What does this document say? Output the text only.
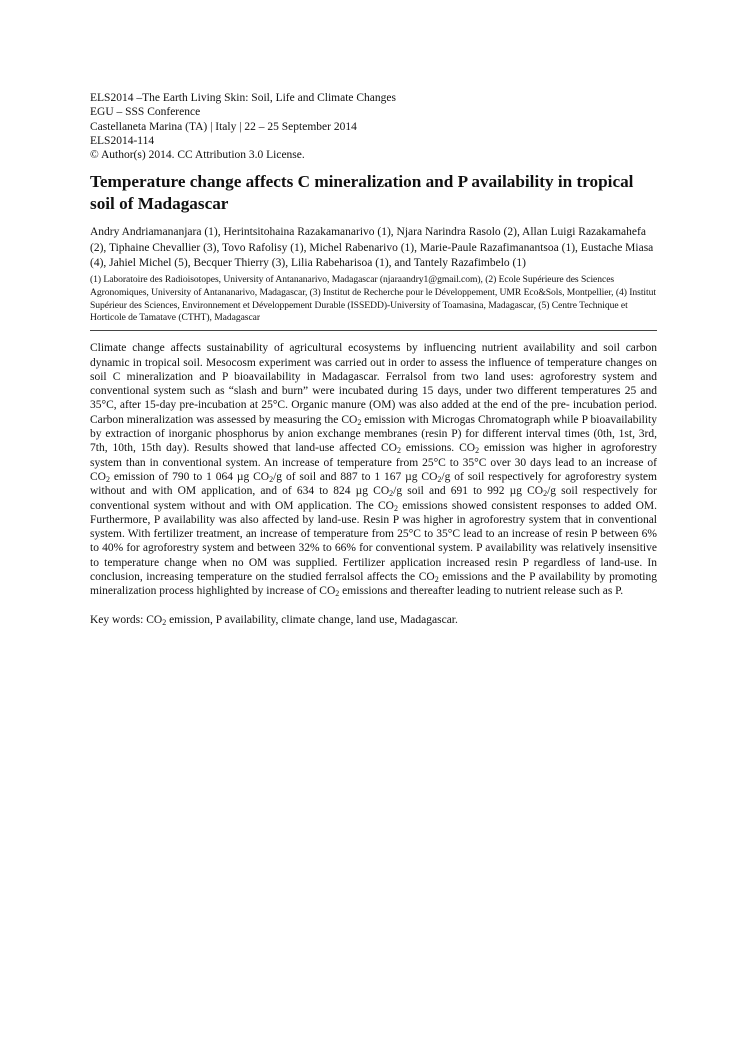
ELS2014 –The Earth Living Skin: Soil, Life and Climate Changes
EGU – SSS Conference
Castellaneta Marina (TA) | Italy | 22 – 25 September 2014
ELS2014-114
© Author(s) 2014. CC Attribution 3.0 License.
Temperature change affects C mineralization and P availability in tropical soil of Madagascar

Andry Andriamananjara (1), Herintsitohaina Razakamanarivo (1), Njara Narindra Rasolo (2), Allan Luigi Razakamahefa (2), Tiphaine Chevallier (3), Tovo Rafolisy (1), Michel Rabenarivo (1), Marie-Paule Razafimanantsoa (1), Eustache Miasa (4), Jahiel Michel (5), Becquer Thierry (3), Lilia Rabeharisoa (1), and Tantely Razafimbelo (1)

(1) Laboratoire des Radioisotopes, University of Antananarivo, Madagascar (njaraandry1@gmail.com), (2) Ecole Supérieure des Sciences Agronomiques, University of Antananarivo, Madagascar, (3) Institut de Recherche pour le Développement, UMR Eco&Sols, Montpellier, (4) Institut Supérieur des Sciences, Environnement et Développement Durable (ISSEDD)-University of Toamasina, Madagascar, (5) Centre Technique et Horticole de Tamatave (CTHT), Madagascar

Climate change affects sustainability of agricultural ecosystems by influencing nutrient availability and soil carbon dynamic in tropical soil. Mesocosm experiment was carried out in order to assess the influence of temperature changes on soil C mineralization and P bioavailability in Madagascar. Ferralsol from two land uses: agroforestry system and conventional system such as “slash and burn” were incubated during 15 days, under two different temperatures 25 and 35°C, after 15-day pre-incubation at 25°C. Organic manure (OM) was also added at the end of the pre- incubation period. Carbon mineralization was assessed by measuring the $CO_2$ emission with Microgas Chromatograph while P bioavailability by extraction of inorganic phosphorus by anion exchange membranes (resin P) for different interval times (0th, 1st, 3rd, 7th, 10th, 15th day). Results showed that land-use affected $CO_2$ emissions. $CO_2$ emission was higher in agroforestry system than in conventional system. An increase of temperature from 25°C to 35°C over 30 days lead to an increase of $CO_2$ emission of 790 to 1 064 µg $CO_2/g$ of soil and 887 to 1 167 µg $CO_2/g$ of soil respectively for agroforestry system without and with OM application, and of 634 to 824 µg $CO_2/g$ soil and 691 to 992 µg $CO_2/g$ soil respectively for conventional system without and with OM application. The $CO_2$ emissions showed consistent responses to added OM. Furthermore, P availability was also affected by land-use. Resin P was higher in agroforestry system that in conventional system. With fertilizer treatment, an increase of temperature from 25°C to 35°C lead to an increase of resin P between 6% to 40% for agroforestry system and between 32% to 66% for conventional system. P availability was relatively insensitive to temperature change when no OM was supplied. Fertilizer application increased resin P regardless of land-use. In conclusion, increasing temperature on the studied ferralsol affects the $CO_2$ emissions and the P availability by promoting mineralization process highlighted by increase of $CO_2$ emissions and thereafter leading to nutrient release such as P.

Key words: $CO_2$ emission, P availability, climate change, land use, Madagascar.
